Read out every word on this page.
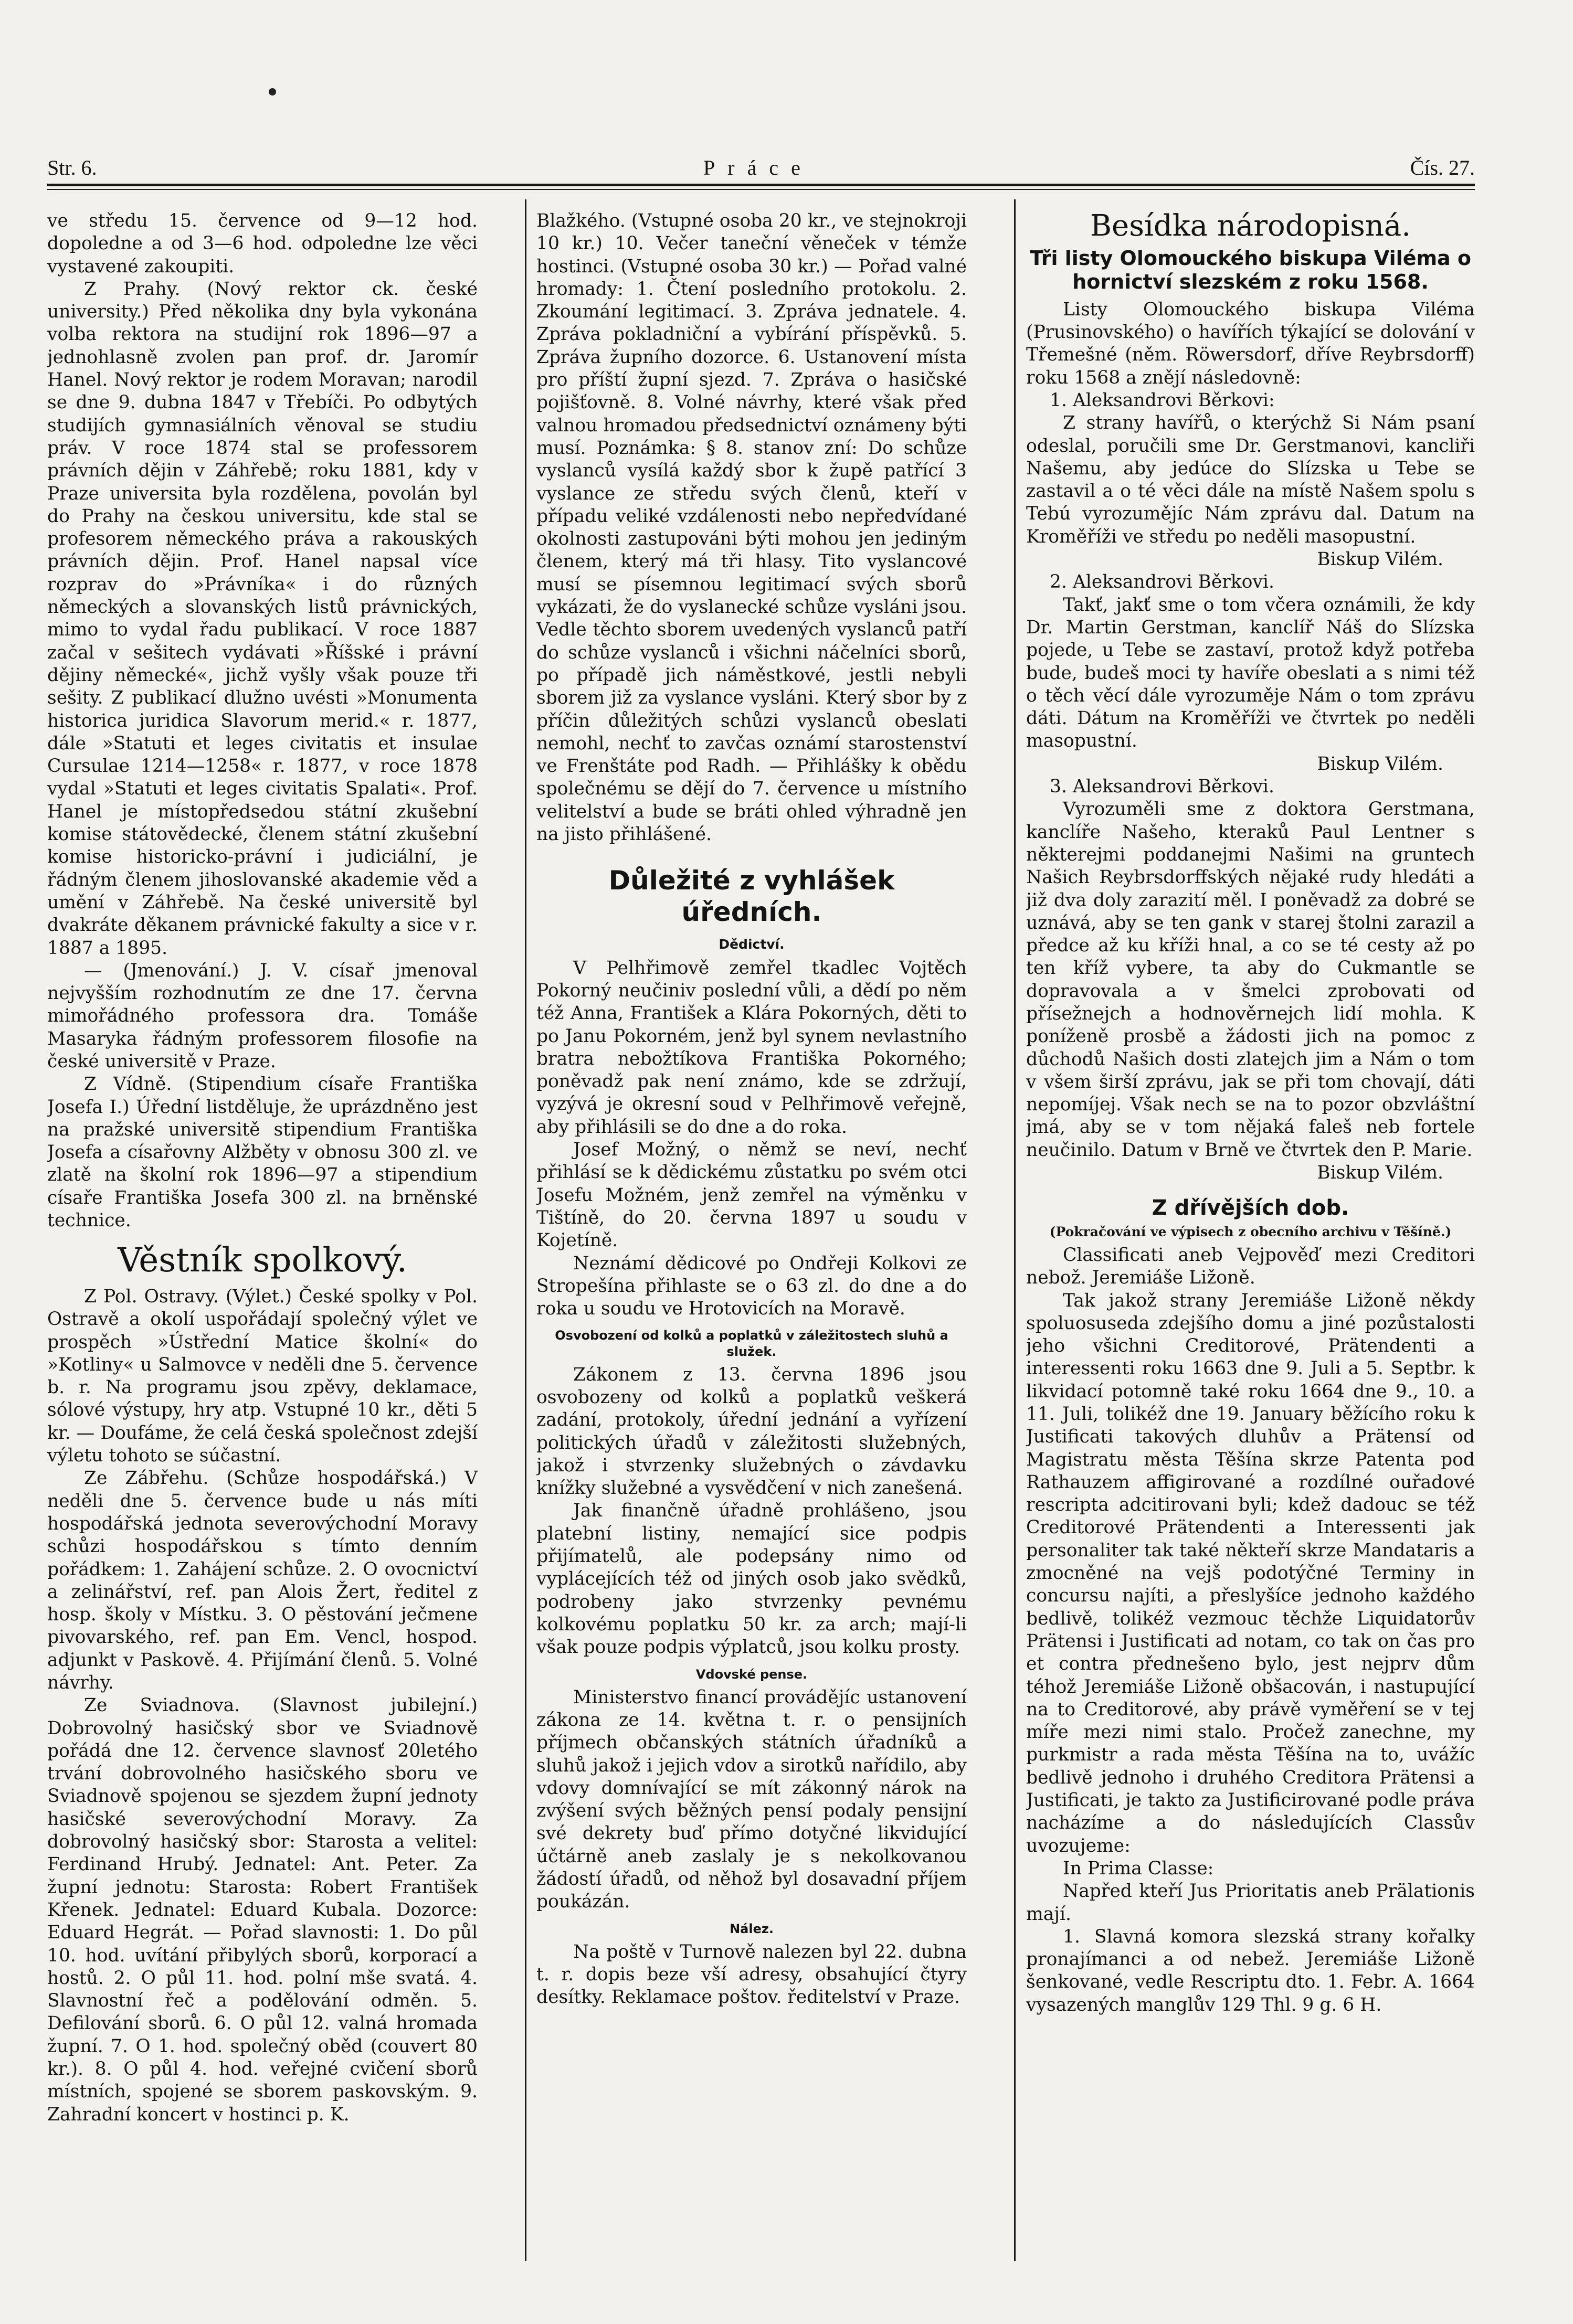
Str. 6.	Práce	Čís. 27.

ve středu 15. července od 9—12 hod. dopoledne a od 3—6 hod. odpoledne lze věci vystavené zakoupiti.

Z Prahy. (Nový rektor ck. české university.) Před několika dny byla vykonána volba rektora na studijní rok 1896—97 a jednohlasně zvolen pan prof. dr. Jaromír Hanel. Nový rektor je rodem Moravan; narodil se dne 9. dubna 1847 v Třebíči. Po odbytých studijích gymnasiálních věnoval se studiu práv. V roce 1874 stal se professorem právních dějin v Záhřebě; roku 1881, kdy v Praze universita byla rozdělena, povolán byl do Prahy na českou universitu, kde stal se profesorem německého práva a rakouských právních dějin. Prof. Hanel napsal více rozprav do »Právníka« i do různých německých a slovanských listů právnických, mimo to vydal řadu publikací. V roce 1887 začal v sešitech vydávati »Říšské i právní dějiny německé«, jichž vyšly však pouze tři sešity. Z publikací dlužno uvésti »Monumenta historica juridica Slavorum merid.« r. 1877, dále »Statuti et leges civitatis et insulae Cursulae 1214—1258« r. 1877, v roce 1878 vydal »Statuti et leges civitatis Spalati«. Prof. Hanel je místopředsedou státní zkušební komise státovědecké, členem státní zkušební komise historicko-právní i judiciální, je řádným členem jihoslovanské akademie věd a umění v Záhřebě. Na české universitě byl dvakráte děkanem právnické fakulty a sice v r. 1887 a 1895.

— (Jmenování.) J. V. císař jmenoval nejvyšším rozhodnutím ze dne 17. června mimořádného professora dra. Tomáše Masaryka řádným professorem filosofie na české universitě v Praze.

Z Vídně. (Stipendium císaře Františka Josefa I.) Úřední listděluje, že uprázdněno jest na pražské universitě stipendium Františka Josefa a císařovny Alžběty v obnosu 300 zl. ve zlatě na školní rok 1896—97 a stipendium císaře Františka Josefa 300 zl. na brněnské technice.

Věstník spolkový.

Z Pol. Ostravy. (Výlet.) České spolky v Pol. Ostravě a okolí uspořádají společný výlet ve prospěch »Ústřední Matice školní« do »Kotliny« u Salmovce v neděli dne 5. července b. r. Na programu jsou zpěvy, deklamace, sólové výstupy, hry atp. Vstupné 10 kr., děti 5 kr. — Doufáme, že celá česká společnost zdejší výletu tohoto se súčastní.

Ze Zábřehu. (Schůze hospodářská.) V neděli dne 5. července bude u nás míti hospodářská jednota severovýchodní Moravy schůzi hospodářskou s tímto denním pořádkem: 1. Zahájení schůze. 2. O ovocnictví a zelinářství, ref. pan Alois Žert, ředitel z hosp. školy v Místku. 3. O pěstování ječmene pivovarského, ref. pan Em. Vencl, hospod. adjunkt v Paskově. 4. Přijímání členů. 5. Volné návrhy.

Ze Sviadnova. (Slavnost jubilejní.) Dobrovolný hasičský sbor ve Sviadnově pořádá dne 12. července slavnosť 20letého trvání dobrovolného hasičského sboru ve Sviadnově spojenou se sjezdem župní jednoty hasičské severovýchodní Moravy. Za dobrovolný hasičský sbor: Starosta a velitel: Ferdinand Hrubý. Jednatel: Ant. Peter. Za župní jednotu: Starosta: Robert František Křenek. Jednatel: Eduard Kubala. Dozorce: Eduard Hegrát. — Pořad slavnosti: 1. Do půl 10. hod. uvítání přibylých sborů, korporací a hostů. 2. O půl 11. hod. polní mše svatá. 4. Slavnostní řeč a podělování odměn. 5. Defilování sborů. 6. O půl 12. valná hromada župní. 7. O 1. hod. společný oběd (couvert 80 kr.). 8. O půl 4. hod. veřejné cvičení sborů místních, spojené se sborem paskovským. 9. Zahradní koncert v hostinci p. K.

Blažkého. (Vstupné osoba 20 kr., ve stejnokroji 10 kr.) 10. Večer taneční věneček v témže hostinci. (Vstupné osoba 30 kr.) — Pořad valné hromady: 1. Čtení posledního protokolu. 2. Zkoumání legitimací. 3. Zpráva jednatele. 4. Zpráva pokladniční a vybírání příspěvků. 5. Zpráva župního dozorce. 6. Ustanovení místa pro příští župní sjezd. 7. Zpráva o hasičské pojišťovně. 8. Volné návrhy, které však před valnou hromadou předsednictví oznámeny býti musí. Poznámka: § 8. stanov zní: Do schůze vyslanců vysílá každý sbor k župě patřící 3 vyslance ze středu svých členů, kteří v případu veliké vzdálenosti nebo nepředvídané okolnosti zastupováni býti mohou jen jediným členem, který má tři hlasy. Tito vyslancové musí se písemnou legitimací svých sborů vykázati, že do vyslanecké schůze vysláni jsou. Vedle těchto sborem uvedených vyslanců patří do schůze vyslanců i všichni náčelníci sborů, po případě jich náměstkové, jestli nebyli sborem již za vyslance vysláni. Který sbor by z příčin důležitých schůzi vyslanců obeslati nemohl, nechť to zavčas oznámí starostenství ve Frenštáte pod Radh. — Přihlášky k obědu společnému se dějí do 7. července u místního velitelství a bude se bráti ohled výhradně jen na jisto přihlášené.

Důležité z vyhlášek úředních.
Dědictví.

V Pelhřimově zemřel tkadlec Vojtěch Pokorný neučiniv poslední vůli, a dědí po něm též Anna, František a Klára Pokorných, děti to po Janu Pokorném, jenž byl synem nevlastního bratra nebožtíkova Františka Pokorného; poněvadž pak není známo, kde se zdržují, vyzývá je okresní soud v Pelhřimově veřejně, aby přihlásili se do dne a do roka.

Josef Možný, o němž se neví, nechť přihlásí se k dědickému zůstatku po svém otci Josefu Možném, jenž zemřel na výměnku v Tištíně, do 20. června 1897 u soudu v Kojetíně.

Neznámí dědicové po Ondřeji Kolkovi ze Stropešína přihlaste se o 63 zl. do dne a do roka u soudu ve Hrotovicích na Moravě.

Osvobození od kolků a poplatků v záležitostech sluhů a služek.

Zákonem z 13. června 1896 jsou osvobozeny od kolků a poplatků veškerá zadání, protokoly, úřední jednání a vyřízení politických úřadů v záležitosti služebných, jakož i stvrzenky služebných o závdavku knížky služebné a vysvědčení v nich zanešená.

Jak finančně úřadně prohlášeno, jsou platební listiny, nemající sice podpis přijímatelů, ale podepsány nimo od vyplácejících též od jiných osob jako svědků, podrobeny jako stvrzenky pevnému kolkovému poplatku 50 kr. za arch; mají-li však pouze podpis výplatců, jsou kolku prosty.

Vdovské pense.

Ministerstvo financí provádějíc ustanovení zákona ze 14. května t. r. o pensijních příjmech občanských státních úřadníků a sluhů jakož i jejich vdov a sirotků nařídilo, aby vdovy domnívající se mít zákonný nárok na zvýšení svých běžných pensí podaly pensijní své dekrety buď přímo dotyčné likvidující účtárně aneb zaslaly je s nekolkovanou žádostí úřadů, od něhož byl dosavadní příjem poukázán.

Nález.

Na poště v Turnově nalezen byl 22. dubna t. r. dopis beze vší adresy, obsahující čtyry desítky. Reklamace poštov. ředitelství v Praze.

Besídka národopisná.
Tři listy Olomouckého biskupa Viléma o hornictví slezském z roku 1568.

Listy Olomouckého biskupa Viléma (Prusinovského) o havířích týkající se dolování v Třemešné (něm. Röwersdorf, dříve Reybrsdorff) roku 1568 a znějí následovně:

1. Aleksandrovi Běrkovi:

Z strany havířů, o kterýchž Si Nám psaní odeslal, poručili sme Dr. Gerstmanovi, kancliři Našemu, aby jedúce do Slízska u Tebe se zastavil a o té věci dále na místě Našem spolu s Tebú vyrozumějíc Nám zprávu dal. Datum na Kroměříži ve středu po neděli masopustní.

Biskup Vilém.

2. Aleksandrovi Běrkovi.

Takť, jakť sme o tom včera oznámili, že kdy Dr. Martin Gerstman, kanclíř Náš do Slízska pojede, u Tebe se zastaví, protož když potřeba bude, budeš moci ty havíře obeslati a s nimi též o těch věcí dále vyrozuměje Nám o tom zprávu dáti. Dátum na Kroměříži ve čtvrtek po neděli masopustní.

Biskup Vilém.

3. Aleksandrovi Běrkovi.

Vyrozuměli sme z doktora Gerstmana, kanclíře Našeho, kteraků Paul Lentner s některejmi poddanejmi Našimi na gruntech Našich Reybrsdorffských nějaké rudy hledáti a již dva doly zarazití měl. I poněvadž za dobré se uznává, aby se ten gank v starej štolni zarazil a předce až ku kříži hnal, a co se té cesty až po ten kříž vybere, ta aby do Cukmantle se dopravovala a v šmelci zprobovati od přísežnejch a hodnověrnejch lidí mohla. K poníženě prosbě a žádosti jich na pomoc z důchodů Našich dosti zlatejch jim a Nám o tom v všem širší zprávu, jak se při tom chovají, dáti nepomíjej. Však nech se na to pozor obzvláštní jmá, aby se v tom nějaká faleš neb fortele neučinilo. Datum v Brně ve čtvrtek den P. Marie.

Biskup Vilém.

Z dřívějších dob.
(Pokračování ve výpisech z obecního archivu v Těšíně.)

Classificati aneb Vejpověď mezi Creditori nebož. Jeremiáše Ližoně.

Tak jakož strany Jeremiáše Ližoně někdy spoluosuseda zdejšího domu a jiné pozůstalosti jeho všichni Creditorové, Prätendenti a interessenti roku 1663 dne 9. Juli a 5. Septbr. k likvidací potomně také roku 1664 dne 9., 10. a 11. Juli, tolikéž dne 19. January běžícího roku k Justificati takových dluhův a Prätensí od Magistratu města Těšína skrze Patenta pod Rathauzem affigirované a rozdílné ouřadové rescripta adcitirovani byli; kdež dadouc se též Creditorové Prätendenti a Interessenti jak personaliter tak také někteří skrze Mandataris a zmocněné na vejš podotýčné Terminy in concursu najíti, a přeslyšíce jednoho každého bedlivě, tolikéž vezmouc těchže Liquidatorův Prätensi i Justificati ad notam, co tak on čas pro et contra přednešeno bylo, jest nejprv dům téhož Jeremiáše Ližoně obšacován, i nastupující na to Creditorové, aby právě vyměření se v tej míře mezi nimi stalo. Pročež zanechne, my purkmistr a rada města Těšína na to, uvážíc bedlivě jednoho i druhého Creditora Prätensi a Justificati, je takto za Justificirované podle práva nacházíme a do následujících Classův uvozujeme:

In Prima Classe:

Napřed kteří Jus Prioritatis aneb Prälationis mají.

1. Slavná komora slezská strany kořalky pronajímanci a od nebež. Jeremiáše Ližoně šenkované, vedle Rescriptu dto. 1. Febr. A. 1664 vysazených manglův 129 Thl. 9 g. 6 H.
